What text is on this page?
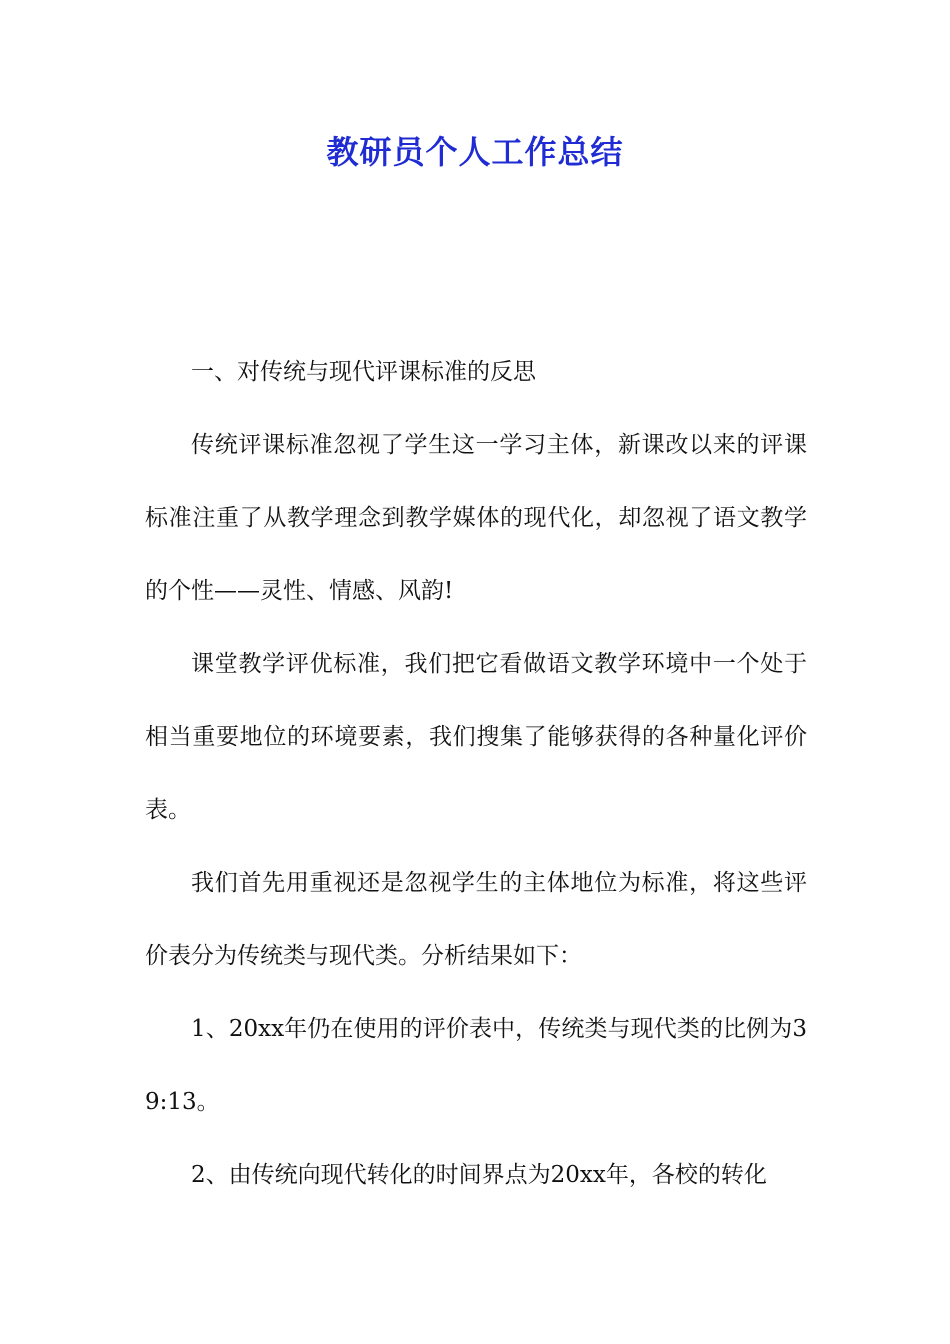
教研员个人工作总结

一、对传统与现代评课标准的反思

传统评课标准忽视了学生这一学习主体，新课改以来的评课标准注重了从教学理念到教学媒体的现代化，却忽视了语文教学的个性——灵性、情感、风韵!

课堂教学评优标准，我们把它看做语文教学环境中一个处于相当重要地位的环境要素，我们搜集了能够获得的各种量化评价表。

我们首先用重视还是忽视学生的主体地位为标准，将这些评价表分为传统类与现代类。分析结果如下：

1、20xx年仍在使用的评价表中，传统类与现代类的比例为39:13。

2、由传统向现代转化的时间界点为20xx年，各校的转化
